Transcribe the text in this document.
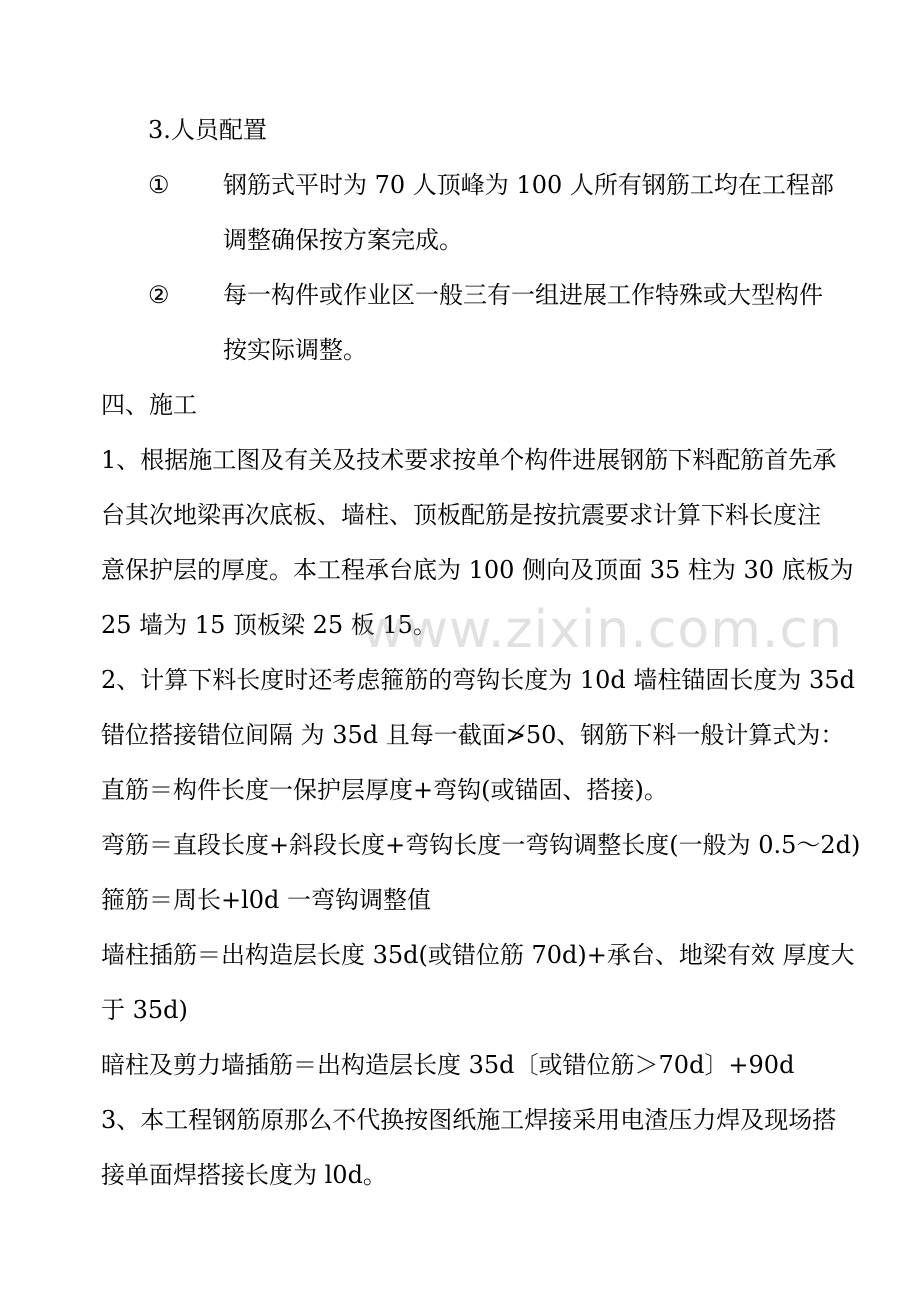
3.人员配置
① 钢筋式平时为 70 人顶峰为 100 人所有钢筋工均在工程部
调整确保按方案完成。
② 每一构件或作业区一般三有一组进展工作特殊或大型构件
按实际调整。
四、施工
1、根据施工图及有关及技术要求按单个构件进展钢筋下料配筋首先承
台其次地梁再次底板、墙柱、顶板配筋是按抗震要求计算下料长度注
意保护层的厚度。本工程承台底为 100 侧向及顶面 35 柱为 30 底板为
25 墙为 15 顶板梁 25 板 15。
2、计算下料长度时还考虑箍筋的弯钩长度为 10d 墙柱锚固长度为 35d
错位搭接错位间隔 为 35d 且每一截面≯50、钢筋下料一般计算式为：
直筋＝构件长度一保护层厚度+弯钩(或锚固、搭接)。
弯筋＝直段长度+斜段长度+弯钩长度一弯钩调整长度(一般为 0.5～2d)
箍筋＝周长+l0d 一弯钩调整值
墙柱插筋＝出构造层长度 35d(或错位筋 70d)+承台、地梁有效 厚度大
于 35d)
暗柱及剪力墙插筋＝出构造层长度 35d〔或错位筋＞70d〕+90d
3、本工程钢筋原那么不代换按图纸施工焊接采用电渣压力焊及现场搭
接单面焊搭接长度为 l0d。
www.zixin.com.cn
